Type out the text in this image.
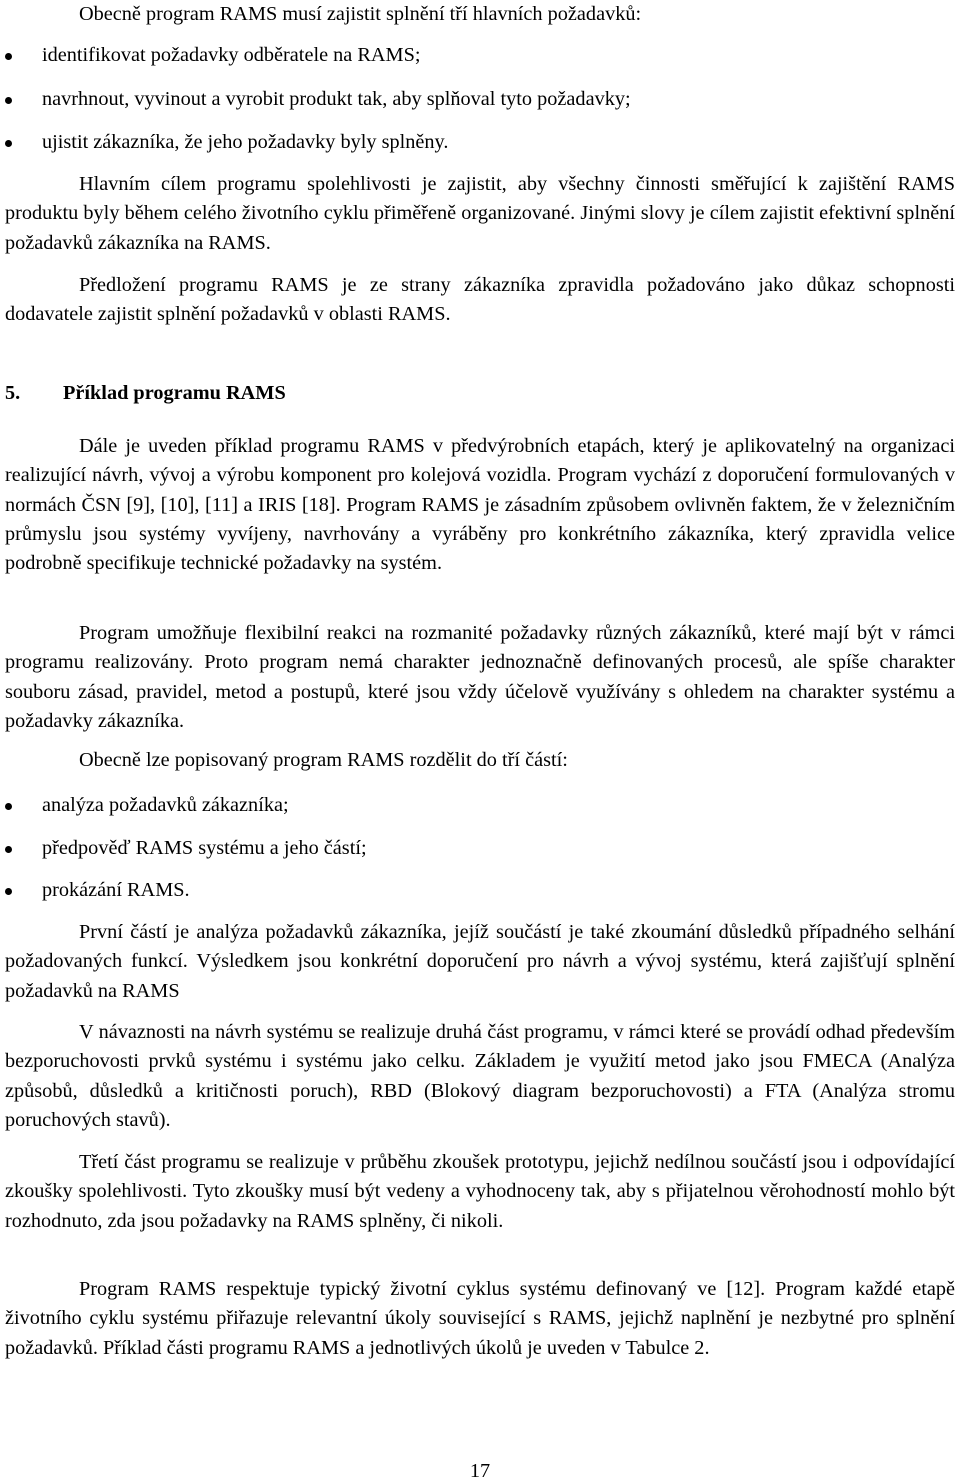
Obecně program RAMS musí zajistit splnění tří hlavních požadavků:

identifikovat požadavky odběratele na RAMS;
navrhnout, vyvinout a vyrobit produkt tak, aby splňoval tyto požadavky;
ujistit zákazníka, že jeho požadavky byly splněny.

Hlavním cílem programu spolehlivosti je zajistit, aby všechny činnosti směřující k zajištění RAMS produktu byly během celého životního cyklu přiměřeně organizované. Jinými slovy je cílem zajistit efektivní splnění požadavků zákazníka na RAMS.

Předložení programu RAMS je ze strany zákazníka zpravidla požadováno jako důkaz schopnosti dodavatele zajistit splnění požadavků v oblasti RAMS.

5. Příklad programu RAMS

Dále je uveden příklad programu RAMS v předvýrobních etapách, který je aplikovatelný na organizaci realizující návrh, vývoj a výrobu komponent pro kolejová vozidla. Program vychází z doporučení formulovaných v normách ČSN [9], [10], [11] a IRIS [18]. Program RAMS je zásadním způsobem ovlivněn faktem, že v železničním průmyslu jsou systémy vyvíjeny, navrhovány a vyráběny pro konkrétního zákazníka, který zpravidla velice podrobně specifikuje technické požadavky na systém.

Program umožňuje flexibilní reakci na rozmanité požadavky různých zákazníků, které mají být v rámci programu realizovány. Proto program nemá charakter jednoznačně definovaných procesů, ale spíše charakter souboru zásad, pravidel, metod a postupů, které jsou vždy účelově využívány s ohledem na charakter systému a požadavky zákazníka.

Obecně lze popisovaný program RAMS rozdělit do tří částí:

analýza požadavků zákazníka;
předpověď RAMS systému a jeho částí;
prokázání RAMS.

První částí je analýza požadavků zákazníka, jejíž součástí je také zkoumání důsledků případného selhání požadovaných funkcí. Výsledkem jsou konkrétní doporučení pro návrh a vývoj systému, která zajišťují splnění požadavků na RAMS

V návaznosti na návrh systému se realizuje druhá část programu, v rámci které se provádí odhad především bezporuchovosti prvků systému i systému jako celku. Základem je využití metod jako jsou FMECA (Analýza způsobů, důsledků a kritičnosti poruch), RBD (Blokový diagram bezporuchovosti) a FTA (Analýza stromu poruchových stavů).

Třetí část programu se realizuje v průběhu zkoušek prototypu, jejichž nedílnou součástí jsou i odpovídající zkoušky spolehlivosti. Tyto zkoušky musí být vedeny a vyhodnoceny tak, aby s přijatelnou věrohodností mohlo být rozhodnuto, zda jsou požadavky na RAMS splněny, či nikoli.

Program RAMS respektuje typický životní cyklus systému definovaný ve [12]. Program každé etapě životního cyklu systému přiřazuje relevantní úkoly související s RAMS, jejichž naplnění je nezbytné pro splnění požadavků. Příklad části programu RAMS a jednotlivých úkolů je uveden v Tabulce 2.

17
